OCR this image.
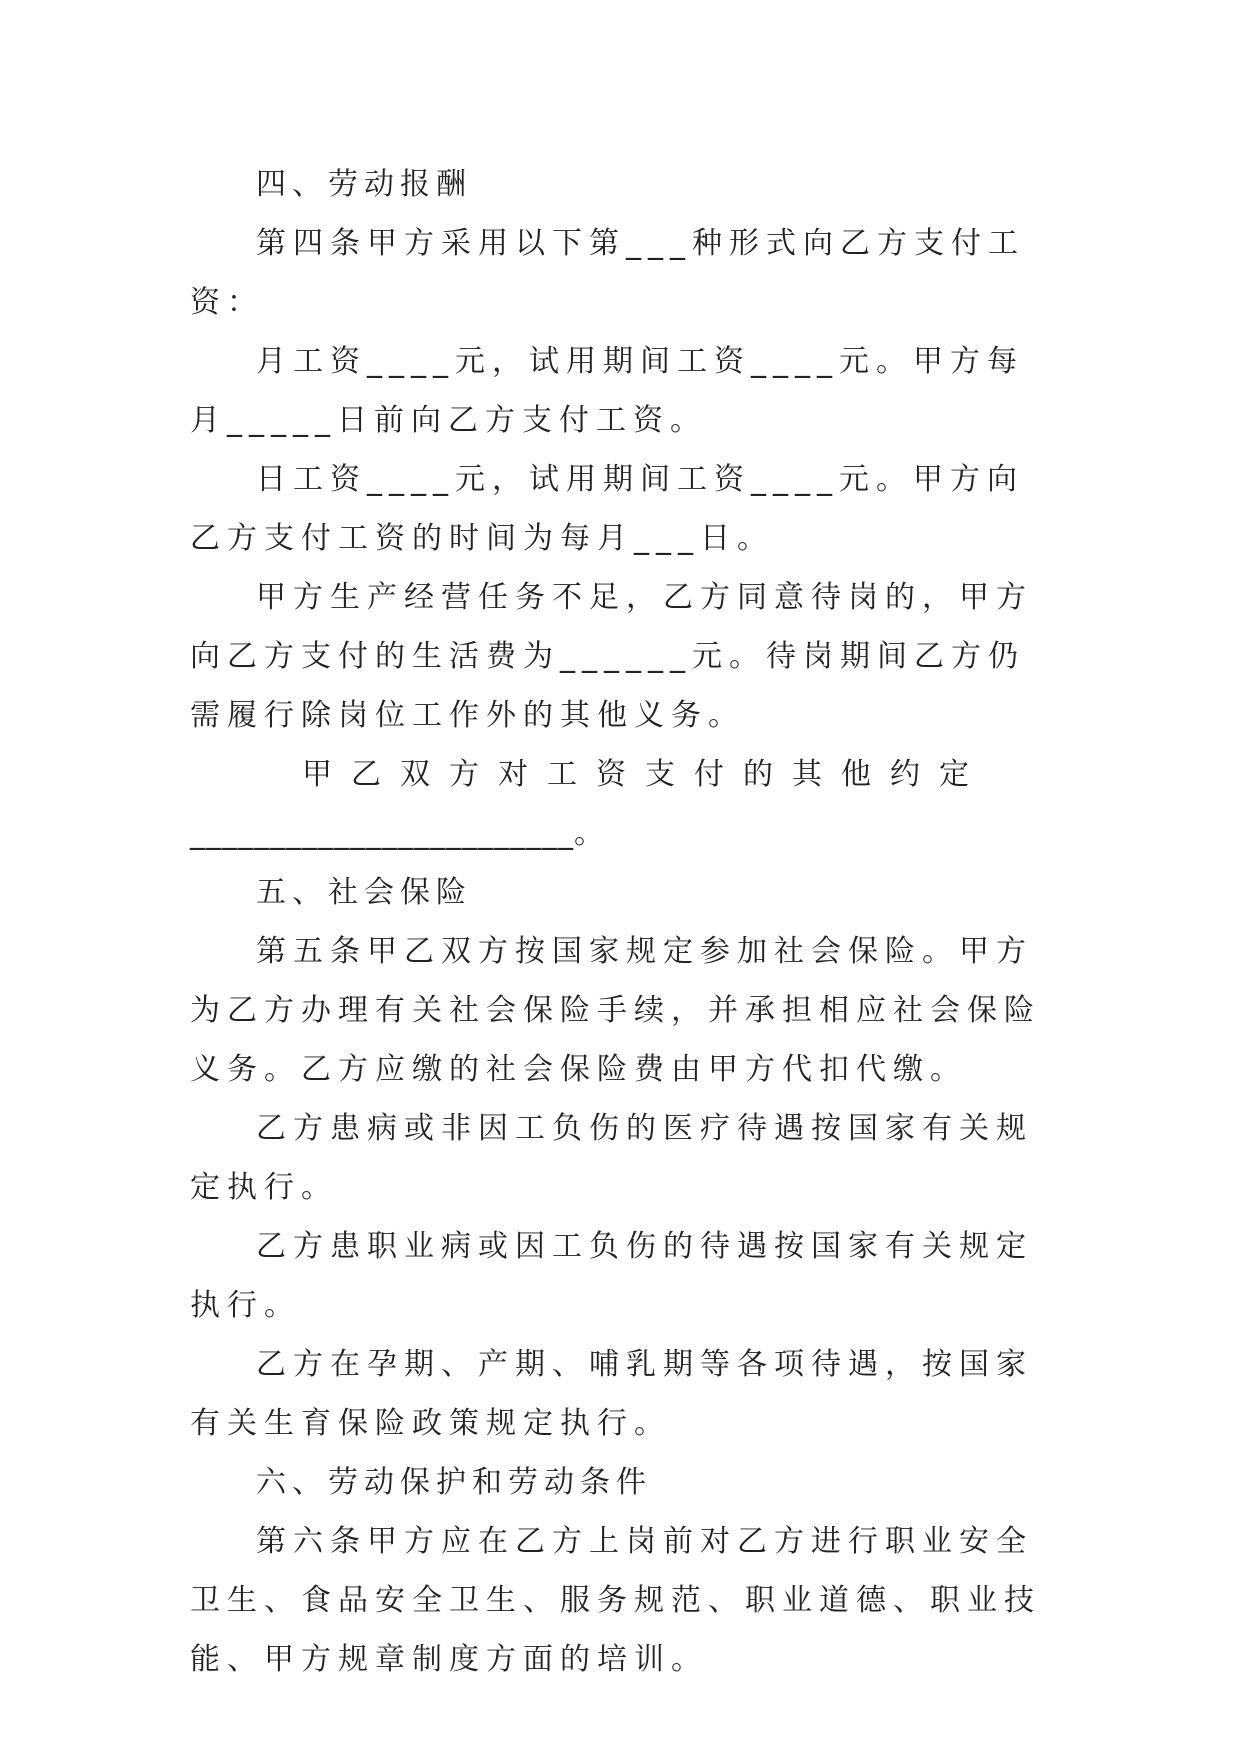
四、劳动报酬

第四条甲方采用以下第___种形式向乙方支付工资：

月工资____元，试用期间工资____元。甲方每月_____日前向乙方支付工资。

日工资____元，试用期间工资____元。甲方向乙方支付工资的时间为每月___日。

甲方生产经营任务不足，乙方同意待岗的，甲方向乙方支付的生活费为______元。待岗期间乙方仍需履行除岗位工作外的其他义务。

甲乙双方对工资支付的其他约定

________________________。

五、社会保险

第五条甲乙双方按国家规定参加社会保险。甲方为乙方办理有关社会保险手续，并承担相应社会保险义务。乙方应缴的社会保险费由甲方代扣代缴。

乙方患病或非因工负伤的医疗待遇按国家有关规定执行。

乙方患职业病或因工负伤的待遇按国家有关规定执行。

乙方在孕期、产期、哺乳期等各项待遇，按国家有关生育保险政策规定执行。

六、劳动保护和劳动条件

第六条甲方应在乙方上岗前对乙方进行职业安全卫生、食品安全卫生、服务规范、职业道德、职业技能、甲方规章制度方面的培训。
